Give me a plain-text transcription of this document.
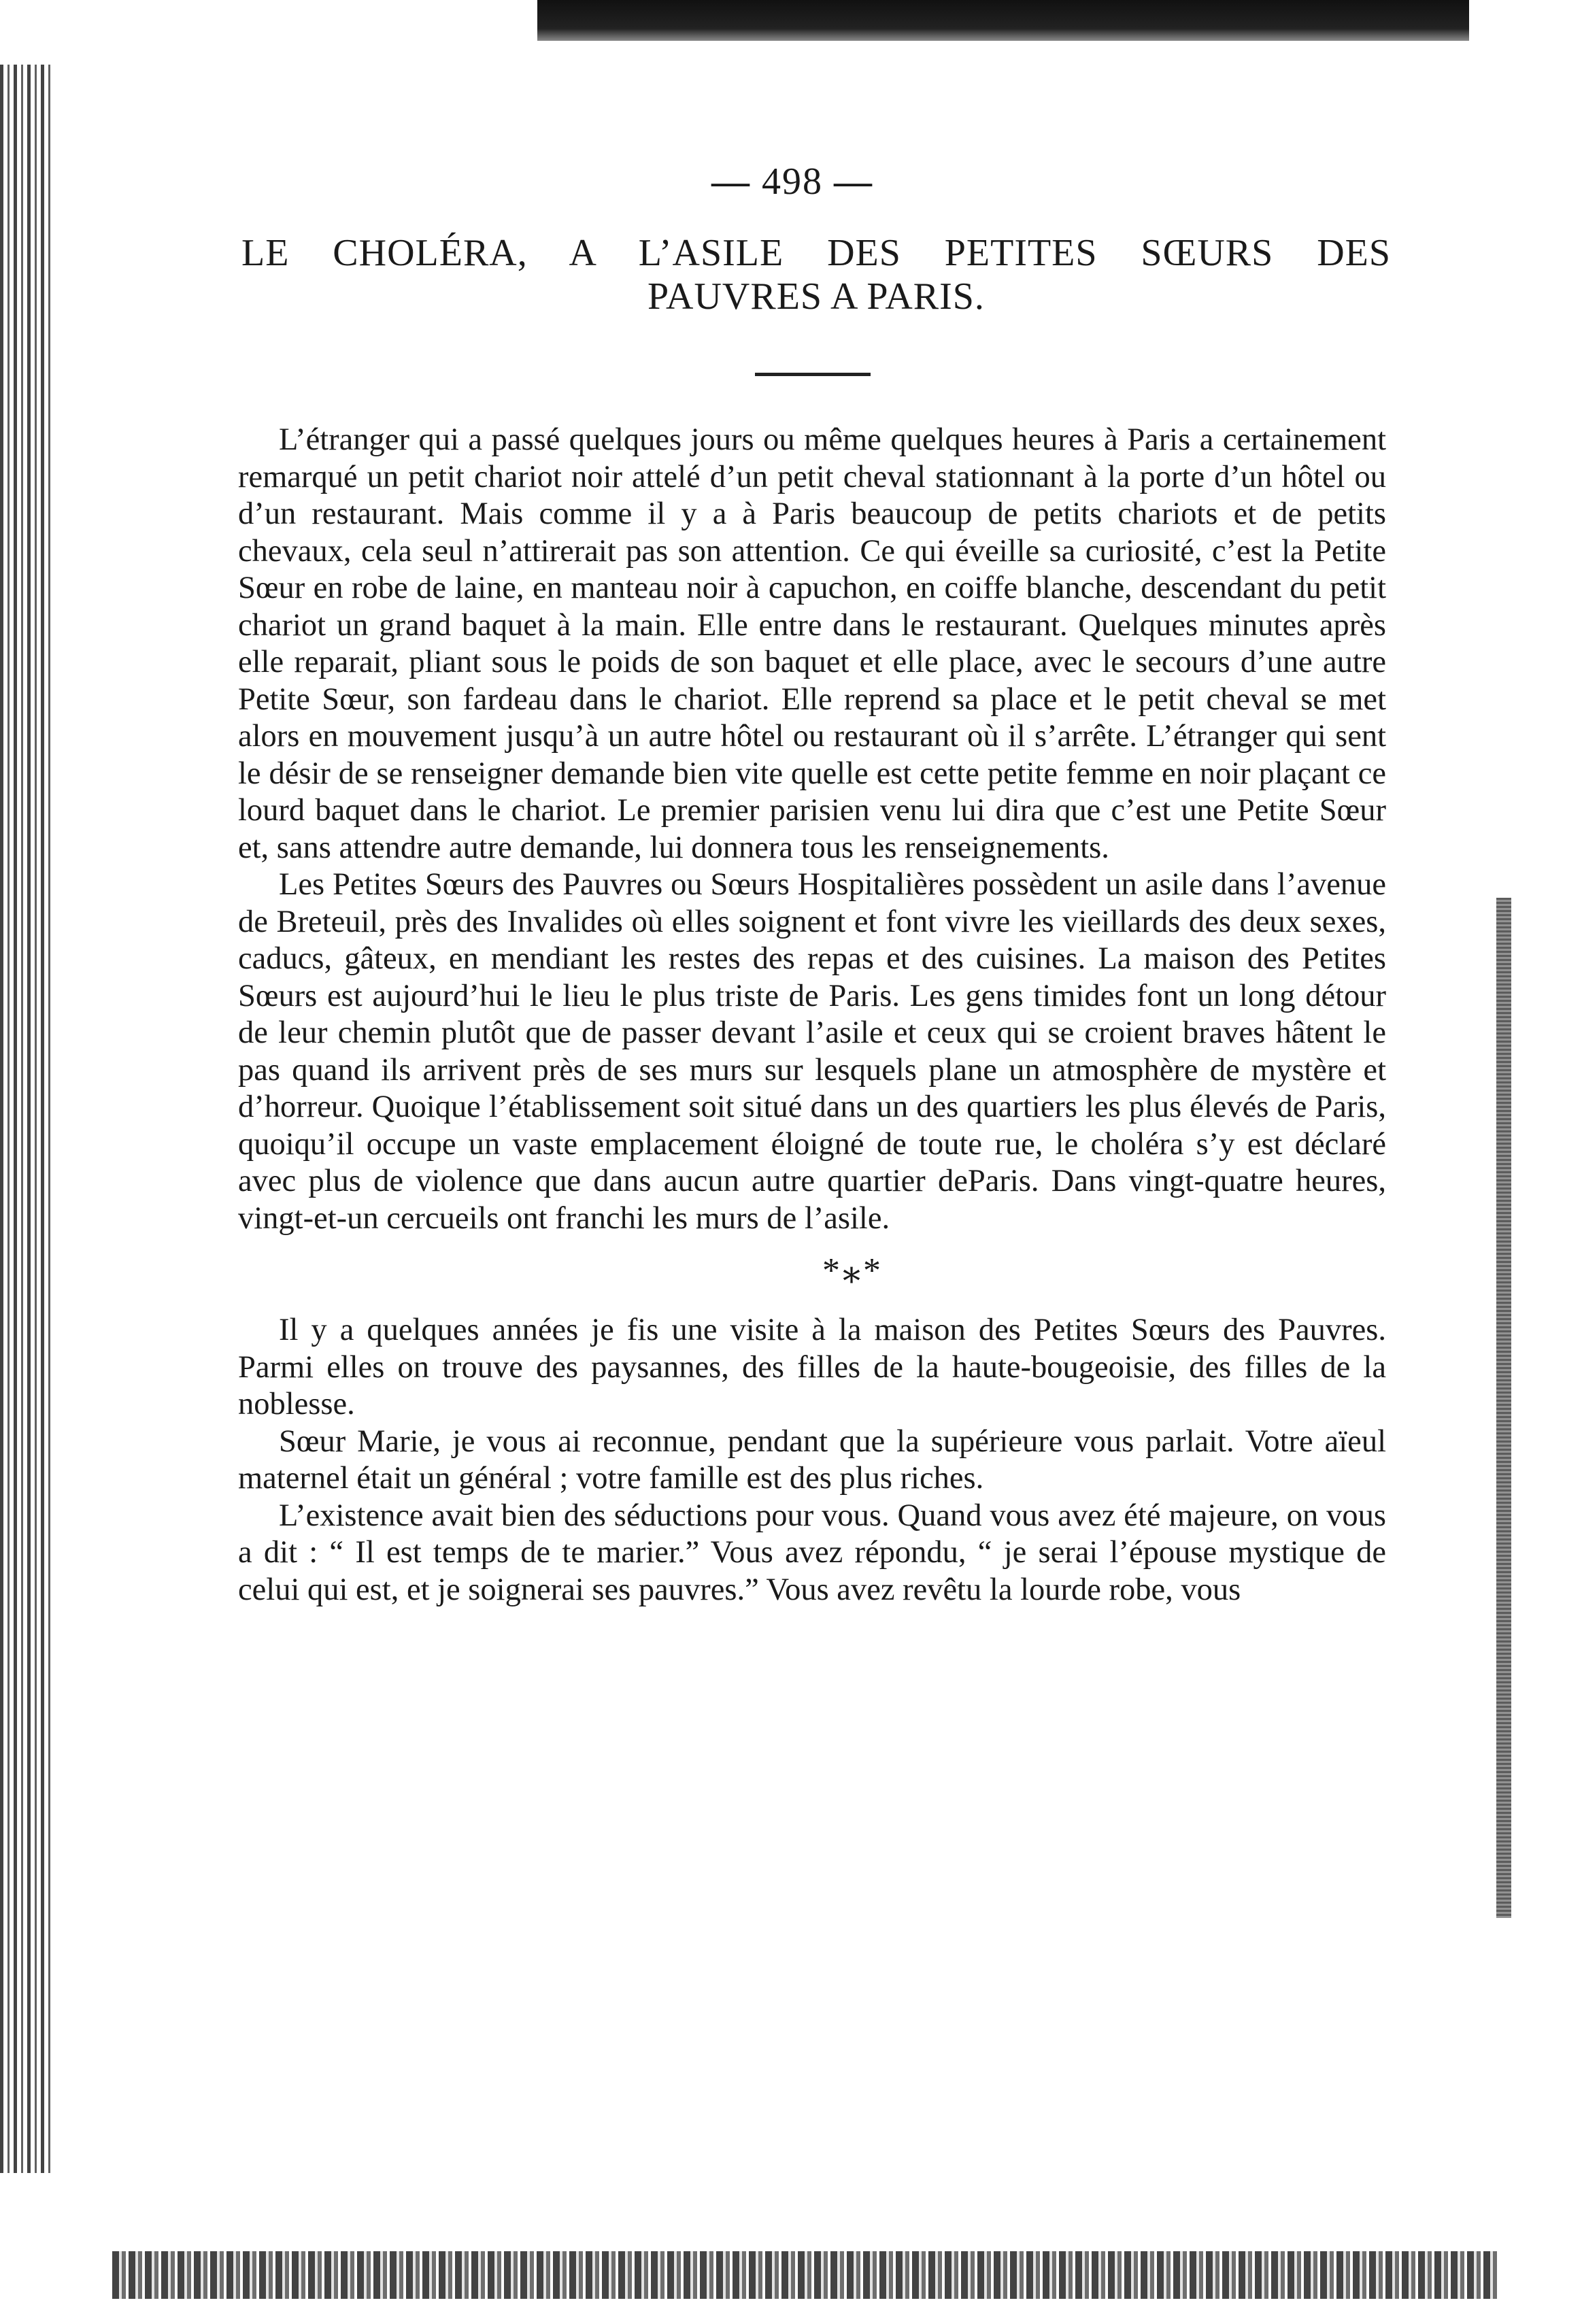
— 498 —
LE CHOLÉRA, A L’ASILE DES PETITES SŒURS DES
PAUVRES A PARIS.

L’étranger qui a passé quelques jours ou même quelques heures à Paris a certainement remarqué un petit chariot noir attelé d’un petit cheval stationnant à la porte d’un hôtel ou d’un restaurant. Mais comme il y a à Paris beaucoup de petits chariots et de petits chevaux, cela seul n’attirerait pas son attention. Ce qui éveille sa curiosité, c’est la Petite Sœur en robe de laine, en manteau noir à capuchon, en coiffe blanche, descendant du petit chariot un grand baquet à la main. Elle entre dans le restaurant. Quelques minutes après elle reparait, pliant sous le poids de son baquet et elle place, avec le secours d’une autre Petite Sœur, son fardeau dans le chariot. Elle reprend sa place et le petit cheval se met alors en mouvement jusqu’à un autre hôtel ou restaurant où il s’arrête. L’étranger qui sent le désir de se renseigner demande bien vite quelle est cette petite femme en noir plaçant ce lourd baquet dans le chariot. Le premier parisien venu lui dira que c’est une Petite Sœur et, sans attendre autre demande, lui donnera tous les renseignements.

Les Petites Sœurs des Pauvres ou Sœurs Hospitalières possèdent un asile dans l’avenue de Breteuil, près des Invalides où elles soignent et font vivre les vieillards des deux sexes, caducs, gâteux, en mendiant les restes des repas et des cuisines. La maison des Petites Sœurs est aujourd’hui le lieu le plus triste de Paris. Les gens timides font un long détour de leur chemin plutôt que de passer devant l’asile et ceux qui se croient braves hâtent le pas quand ils arrivent près de ses murs sur lesquels plane un atmosphère de mystère et d’horreur. Quoique l’établissement soit situé dans un des quartiers les plus élevés de Paris, quoiqu’il occupe un vaste emplacement éloigné de toute rue, le choléra s’y est déclaré avec plus de violence que dans aucun autre quartier deParis. Dans vingt-quatre heures, vingt-et-un cercueils ont franchi les murs de l’asile.

*⁎*

Il y a quelques années je fis une visite à la maison des Petites Sœurs des Pauvres. Parmi elles on trouve des paysannes, des filles de la haute-bougeoisie, des filles de la noblesse.

Sœur Marie, je vous ai reconnue, pendant que la supérieure vous parlait. Votre aïeul maternel était un général ; votre famille est des plus riches.

L’existence avait bien des séductions pour vous. Quand vous avez été majeure, on vous a dit : “ Il est temps de te marier.” Vous avez répondu, “ je serai l’épouse mystique de celui qui est, et je soignerai ses pauvres.” Vous avez revêtu la lourde robe, vous
